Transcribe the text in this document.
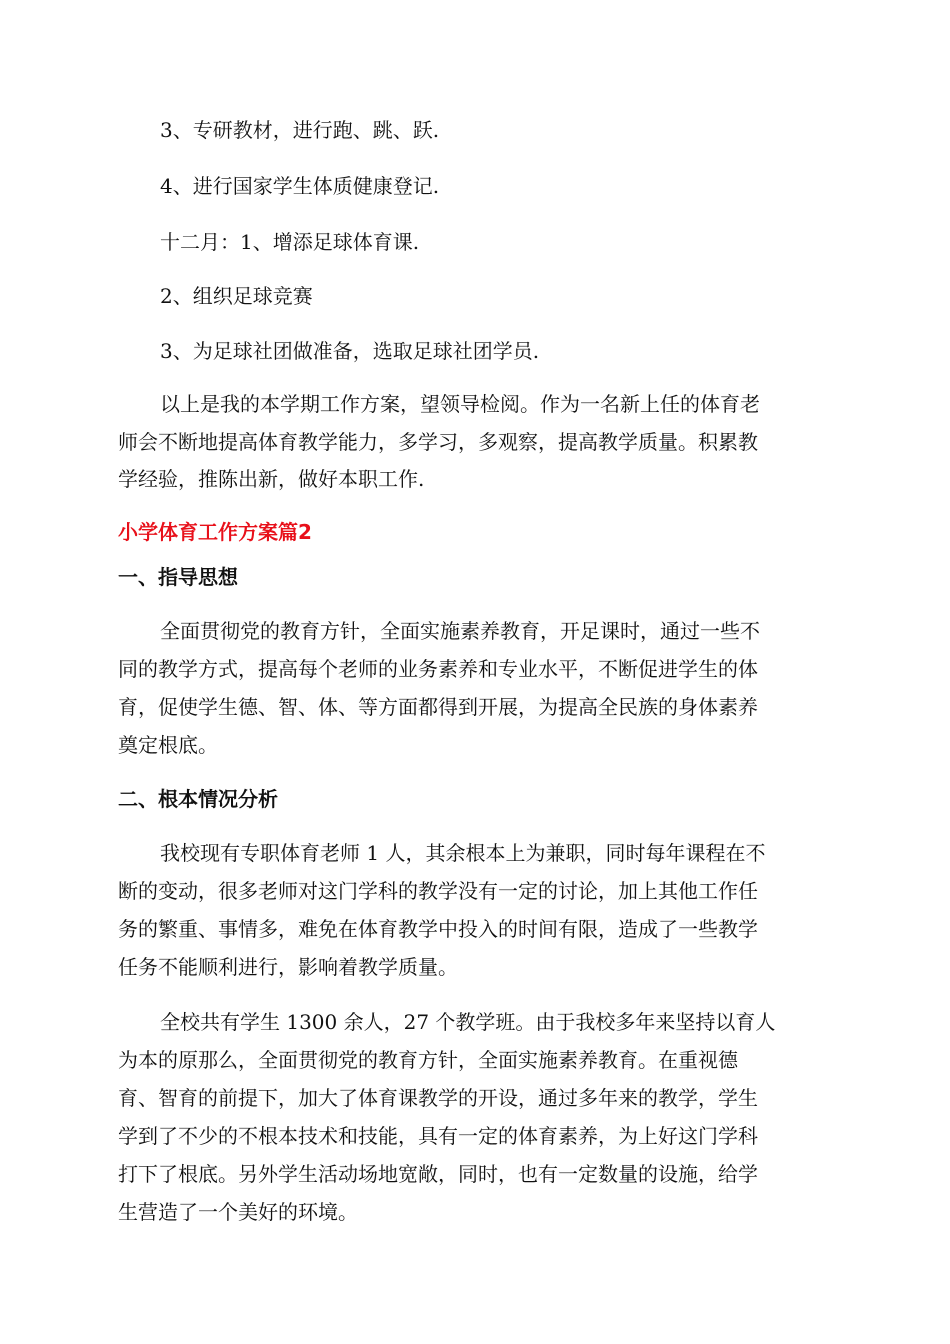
3、专研教材，进行跑、跳、跃.
4、进行国家学生体质健康登记.
十二月：1、增添足球体育课.
2、组织足球竞赛
3、为足球社团做准备，选取足球社团学员.
以上是我的本学期工作方案，望领导检阅。作为一名新上任的体育老
师会不断地提高体育教学能力，多学习，多观察，提高教学质量。积累教
学经验，推陈出新，做好本职工作.
小学体育工作方案篇2
一、指导思想
全面贯彻党的教育方针，全面实施素养教育，开足课时，通过一些不
同的教学方式，提高每个老师的业务素养和专业水平，不断促进学生的体
育，促使学生德、智、体、等方面都得到开展，为提高全民族的身体素养
奠定根底。
二、根本情况分析
我校现有专职体育老师 1 人，其余根本上为兼职，同时每年课程在不
断的变动，很多老师对这门学科的教学没有一定的讨论，加上其他工作任
务的繁重、事情多，难免在体育教学中投入的时间有限，造成了一些教学
任务不能顺利进行，影响着教学质量。
全校共有学生 1300 余人，27 个教学班。由于我校多年来坚持以育人
为本的原那么，全面贯彻党的教育方针，全面实施素养教育。在重视德
育、智育的前提下，加大了体育课教学的开设，通过多年来的教学，学生
学到了不少的不根本技术和技能，具有一定的体育素养，为上好这门学科
打下了根底。另外学生活动场地宽敞，同时，也有一定数量的设施，给学
生营造了一个美好的环境。
